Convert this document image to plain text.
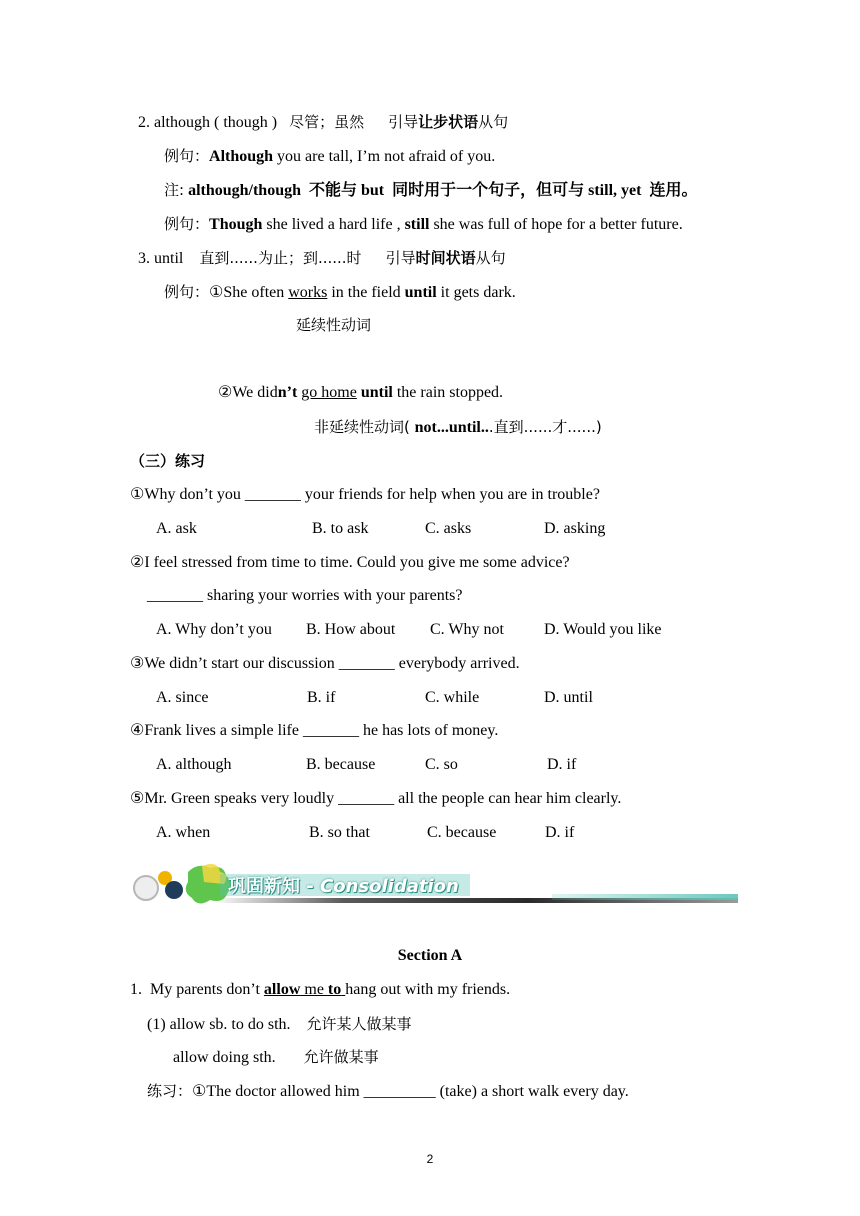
2. although ( though ) 尽管；虽然 引导让步状语从句
例句：Although you are tall, I’m not afraid of you.
注: although/though  不能与 but  同时用于一个句子，但可与 still, yet  连用。
例句：Though she lived a hard life , still she was full of hope for a better future.
3. until 直到......为止；到......时 引导时间状语从句
例句：①She often works in the field until it gets dark.
延续性动词
②We didn’t go home until the rain stopped.
非延续性动词( not...until...直到......才......)
（三）练习
①Why don’t you _______ your friends for help when you are in trouble?
A. ask	B. to ask	C. asks	D. asking
②I feel stressed from time to time. Could you give me some advice?
_______ sharing your worries with your parents?
A. Why don’t you B. How about C. Why not	D. Would you like
③We didn’t start our discussion _______ everybody arrived.
A. since	B. if	C. while	D. until
④Frank lives a simple life _______ he has lots of money.
A. although	B. because	C. so	D. if
⑤Mr. Green speaks very loudly _______ all the people can hear him clearly.
A. when	B. so that	C. because	D. if
巩固新知 - Consolidation
Section A
1.  My parents don’t allow me to hang out with my friends.
(1) allow sb. to do sth. 允许某人做某事
allow doing sth. 允许做某事
练习：①The doctor allowed him _________ (take) a short walk every day.
2
